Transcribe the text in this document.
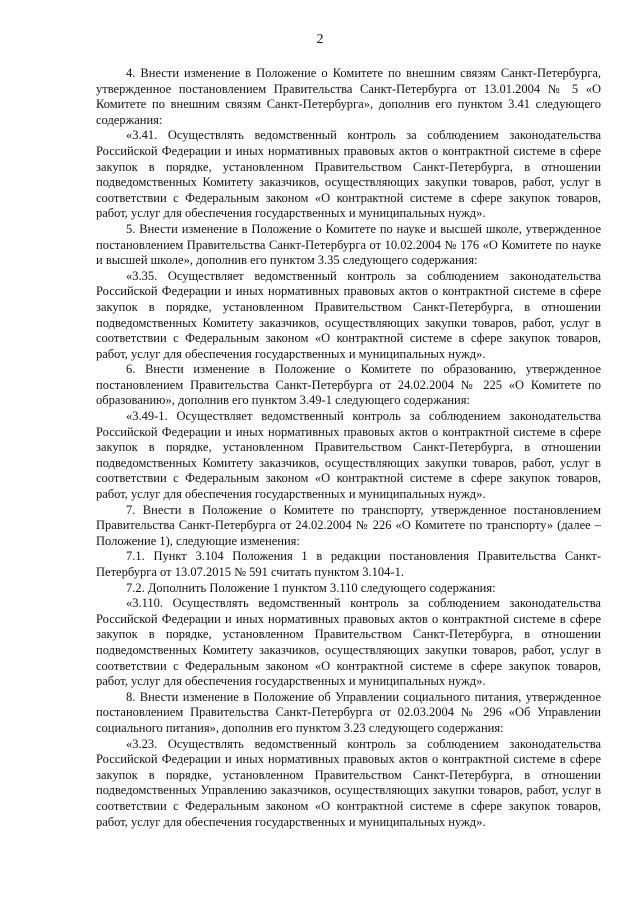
2

4. Внести изменение в Положение о Комитете по внешним связям Санкт-Петербурга, утвержденное постановлением Правительства Санкт-Петербурга от 13.01.2004 № 5 «О Комитете по внешним связям Санкт-Петербурга», дополнив его пунктом 3.41 следующего содержания:

«3.41. Осуществлять ведомственный контроль за соблюдением законодательства Российской Федерации и иных нормативных правовых актов о контрактной системе в сфере закупок в порядке, установленном Правительством Санкт-Петербурга, в отношении подведомственных Комитету заказчиков, осуществляющих закупки товаров, работ, услуг в соответствии с Федеральным законом «О контрактной системе в сфере закупок товаров, работ, услуг для обеспечения государственных и муниципальных нужд».

5. Внести изменение в Положение о Комитете по науке и высшей школе, утвержденное постановлением Правительства Санкт-Петербурга от 10.02.2004 № 176 «О Комитете по науке и высшей школе», дополнив его пунктом 3.35 следующего содержания:

«3.35. Осуществляет ведомственный контроль за соблюдением законодательства Российской Федерации и иных нормативных правовых актов о контрактной системе в сфере закупок в порядке, установленном Правительством Санкт-Петербурга, в отношении подведомственных Комитету заказчиков, осуществляющих закупки товаров, работ, услуг в соответствии с Федеральным законом «О контрактной системе в сфере закупок товаров, работ, услуг для обеспечения государственных и муниципальных нужд».

6. Внести изменение в Положение о Комитете по образованию, утвержденное постановлением Правительства Санкт-Петербурга от 24.02.2004 № 225 «О Комитете по образованию», дополнив его пунктом 3.49-1 следующего содержания:

«3.49-1. Осуществляет ведомственный контроль за соблюдением законодательства Российской Федерации и иных нормативных правовых актов о контрактной системе в сфере закупок в порядке, установленном Правительством Санкт-Петербурга, в отношении подведомственных Комитету заказчиков, осуществляющих закупки товаров, работ, услуг в соответствии с Федеральным законом «О контрактной системе в сфере закупок товаров, работ, услуг для обеспечения государственных и муниципальных нужд».

7. Внести в Положение о Комитете по транспорту, утвержденное постановлением Правительства Санкт-Петербурга от 24.02.2004 № 226 «О Комитете по транспорту» (далее – Положение 1), следующие изменения:

7.1. Пункт 3.104 Положения 1 в редакции постановления Правительства Санкт-Петербурга от 13.07.2015 № 591 считать пунктом 3.104-1.

7.2. Дополнить Положение 1 пунктом 3.110 следующего содержания:

«3.110. Осуществлять ведомственный контроль за соблюдением законодательства Российской Федерации и иных нормативных правовых актов о контрактной системе в сфере закупок в порядке, установленном Правительством Санкт-Петербурга, в отношении подведомственных Комитету заказчиков, осуществляющих закупки товаров, работ, услуг в соответствии с Федеральным законом «О контрактной системе в сфере закупок товаров, работ, услуг для обеспечения государственных и муниципальных нужд».

8. Внести изменение в Положение об Управлении социального питания, утвержденное постановлением Правительства Санкт-Петербурга от 02.03.2004 № 296 «Об Управлении социального питания», дополнив его пунктом 3.23 следующего содержания:

«3.23. Осуществлять ведомственный контроль за соблюдением законодательства Российской Федерации и иных нормативных правовых актов о контрактной системе в сфере закупок в порядке, установленном Правительством Санкт-Петербурга, в отношении подведомственных Управлению заказчиков, осуществляющих закупки товаров, работ, услуг в соответствии с Федеральным законом «О контрактной системе в сфере закупок товаров, работ, услуг для обеспечения государственных и муниципальных нужд».
